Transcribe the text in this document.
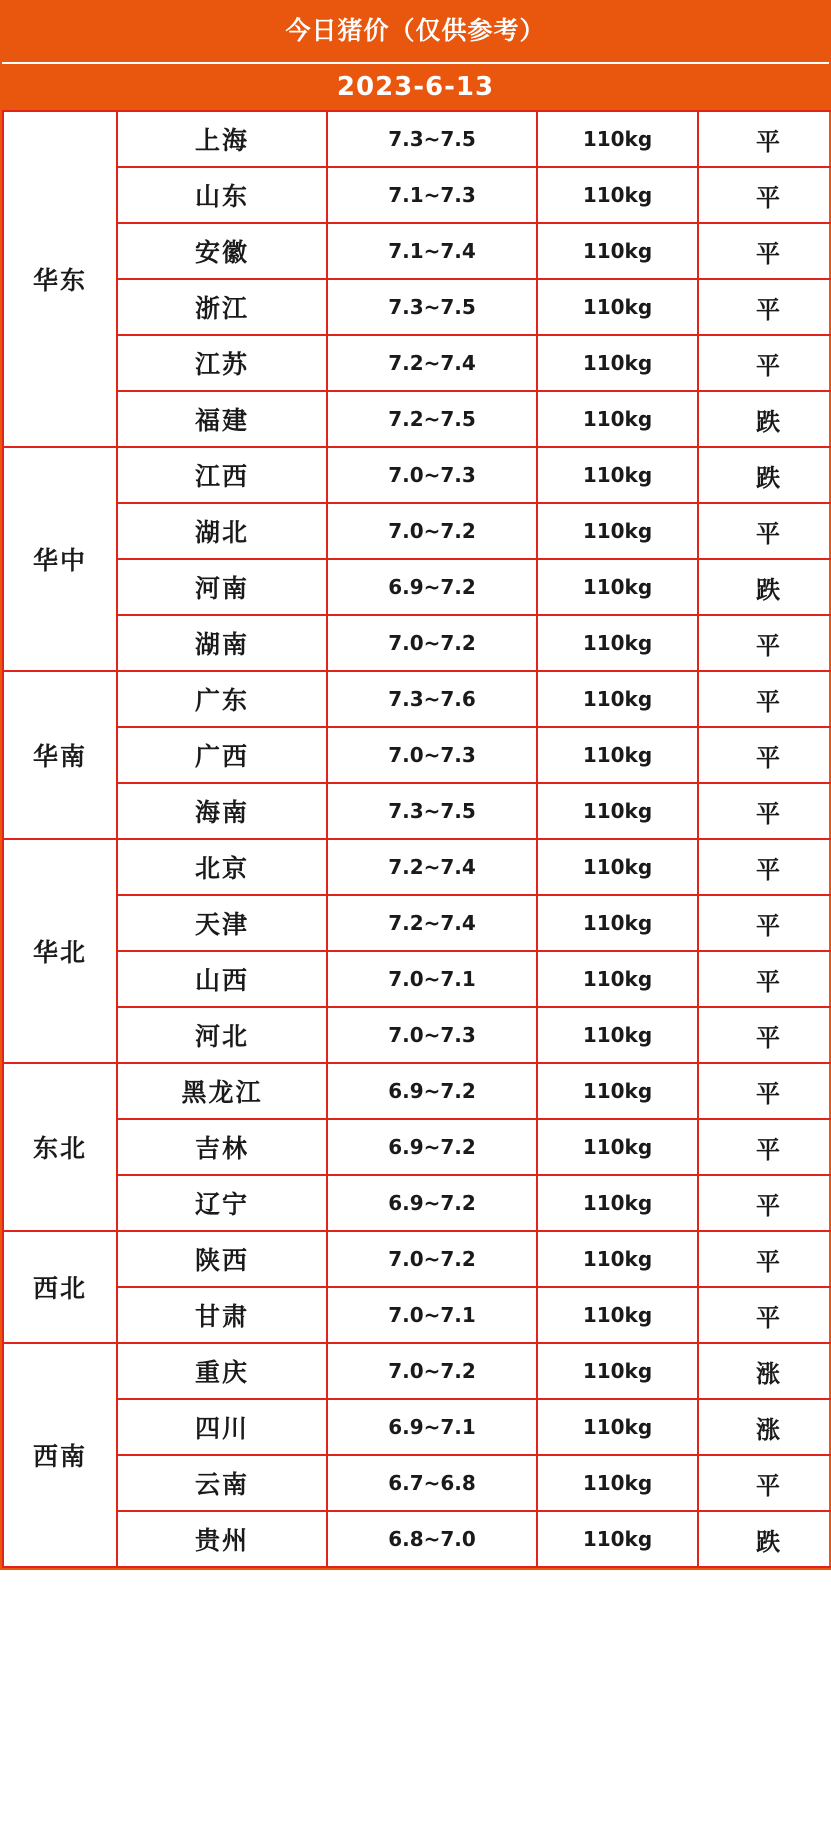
今日猪价（仅供参考）
2023-6-13
华东	上海	7.3~7.5	110kg	平
	山东	7.1~7.3	110kg	平
	安徽	7.1~7.4	110kg	平
	浙江	7.3~7.5	110kg	平
	江苏	7.2~7.4	110kg	平
	福建	7.2~7.5	110kg	跌
华中	江西	7.0~7.3	110kg	跌
	湖北	7.0~7.2	110kg	平
	河南	6.9~7.2	110kg	跌
	湖南	7.0~7.2	110kg	平
华南	广东	7.3~7.6	110kg	平
	广西	7.0~7.3	110kg	平
	海南	7.3~7.5	110kg	平
华北	北京	7.2~7.4	110kg	平
	天津	7.2~7.4	110kg	平
	山西	7.0~7.1	110kg	平
	河北	7.0~7.3	110kg	平
东北	黑龙江	6.9~7.2	110kg	平
	吉林	6.9~7.2	110kg	平
	辽宁	6.9~7.2	110kg	平
西北	陕西	7.0~7.2	110kg	平
	甘肃	7.0~7.1	110kg	平
西南	重庆	7.0~7.2	110kg	涨
	四川	6.9~7.1	110kg	涨
	云南	6.7~6.8	110kg	平
	贵州	6.8~7.0	110kg	跌
